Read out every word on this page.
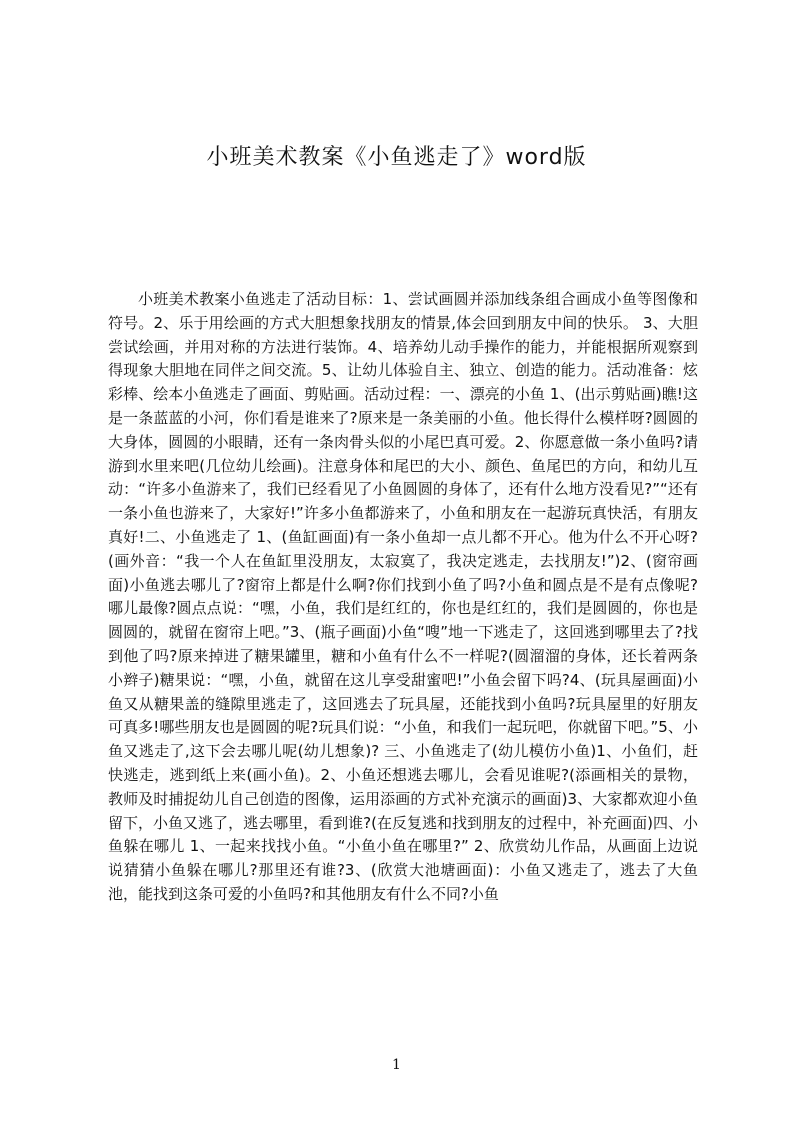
小班美术教案《小鱼逃走了》word版

小班美术教案小鱼逃走了活动目标：1、尝试画圆并添加线条组合画成小鱼等图像和符号。2、乐于用绘画的方式大胆想象找朋友的情景,体会回到朋友中间的快乐。 3、大胆尝试绘画，并用对称的方法进行装饰。4、培养幼儿动手操作的能力，并能根据所观察到得现象大胆地在同伴之间交流。5、让幼儿体验自主、独立、创造的能力。活动准备：炫彩棒、绘本小鱼逃走了画面、剪贴画。活动过程：一、漂亮的小鱼 1、(出示剪贴画)瞧!这是一条蓝蓝的小河，你们看是谁来了?原来是一条美丽的小鱼。他长得什么模样呀?圆圆的大身体，圆圆的小眼睛，还有一条肉骨头似的小尾巴真可爱。2、你愿意做一条小鱼吗?请游到水里来吧(几位幼儿绘画)。注意身体和尾巴的大小、颜色、鱼尾巴的方向，和幼儿互动：“许多小鱼游来了，我们已经看见了小鱼圆圆的身体了，还有什么地方没看见?”“还有一条小鱼也游来了，大家好!”许多小鱼都游来了，小鱼和朋友在一起游玩真快活，有朋友真好!二、小鱼逃走了 1、(鱼缸画面)有一条小鱼却一点儿都不开心。他为什么不开心呀?(画外音：“我一个人在鱼缸里没朋友，太寂寞了，我决定逃走，去找朋友!”)2、(窗帘画面)小鱼逃去哪儿了?窗帘上都是什么啊?你们找到小鱼了吗?小鱼和圆点是不是有点像呢?哪儿最像?圆点点说：“嘿，小鱼，我们是红红的，你也是红红的，我们是圆圆的，你也是圆圆的，就留在窗帘上吧。”3、(瓶子画面)小鱼“嗖”地一下逃走了，这回逃到哪里去了?找到他了吗?原来掉进了糖果罐里，糖和小鱼有什么不一样呢?(圆溜溜的身体，还长着两条小辫子)糖果说：“嘿，小鱼，就留在这儿享受甜蜜吧!”小鱼会留下吗?4、(玩具屋画面)小鱼又从糖果盖的缝隙里逃走了，这回逃去了玩具屋，还能找到小鱼吗?玩具屋里的好朋友可真多!哪些朋友也是圆圆的呢?玩具们说：“小鱼，和我们一起玩吧，你就留下吧。”5、小鱼又逃走了,这下会去哪儿呢(幼儿想象)? 三、小鱼逃走了(幼儿模仿小鱼)1、小鱼们，赶快逃走，逃到纸上来(画小鱼)。2、小鱼还想逃去哪儿，会看见谁呢?(添画相关的景物，教师及时捕捉幼儿自己创造的图像，运用添画的方式补充演示的画面)3、大家都欢迎小鱼留下，小鱼又逃了，逃去哪里，看到谁?(在反复逃和找到朋友的过程中，补充画面)四、小鱼躲在哪儿 1、一起来找找小鱼。“小鱼小鱼在哪里?” 2、欣赏幼儿作品，从画面上边说说猜猜小鱼躲在哪儿?那里还有谁?3、(欣赏大池塘画面)：小鱼又逃走了，逃去了大鱼池，能找到这条可爱的小鱼吗?和其他朋友有什么不同?小鱼

1
